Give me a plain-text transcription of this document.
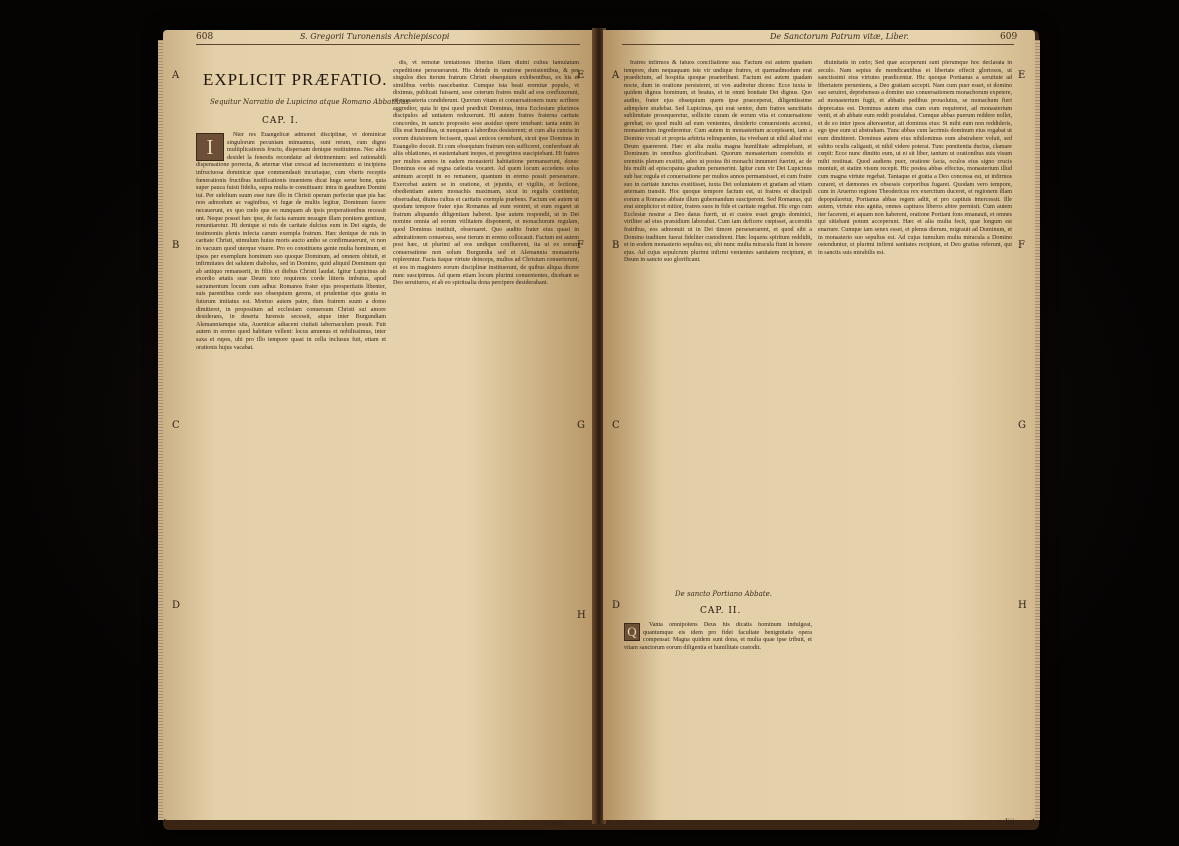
608	S. Gregorii Turonensis Archiepiscopi
A
B
C
D
E
F
G
H
EXPLICIT PRÆFATIO.
Sequitur Narratio de Lupicino atque Romano Abbatibus.
CAP. I.
I	Nter res Euangelicæ admonet disciplinæ, vt dominicæ singulorum pecuniam minuamus, sunt rerum, cum digno multiplicationis fructu, dispersam denique restituimus. Nec aliis desidet la fenestis recondatur ad detrimentum: sed rationabili dispensatione porrecta, & æternæ vitæ crescat ad incrementum: si incipiens infructuosa dominicæ quæ commendauit incuriaque, cum vberis receptis fœnerationis fructibus iustificationis inueniens dicat huge serue bone, quia super pauca fuisti fidelis, supra multa te constituam: intra in gaudium Domini tui. Per sidelium suum esse iure illo in Christi operam perfectæ quæ pia hac non admodum ac vaginibus, vt fugæ de multis legitur, Dominum facere necauerunt, ex quo cœlo que eo nunquam ab ipsis properationibus recessit unt. Neque posset hæc ipse, de facta eamum neaugm illam ponitem gentium, renuntiaretur. Hi denique si ruis de caritate dulcius eum in Dei signis, de testimoniis plenis infecta carum exempla fratrum. Hæc denique de ruis in caritate Christi, stimulum huius moris aucto ambo se confirmauerunt, vt non in vacuum quod uterque viuere. Pro eo constituens gente multa hominum, et ipsos per exemplum hominum suo quoque Dominum, ad omnem obtiuit, et infirmitates dei salutem diabolus, sed in Domino, quid aliquid Dominum qui ab antiquo remanserit, in filiis et diebus Christi laudat. Igitur Lupicinus ab exordio ætatis suæ Deum toto requirens corde litteris imbutus, apud sacramentum locum cum adhuc Romanos frater ejus prosperitatis libenter, suis parentibus corde suo obsequium gerens, et prudentiæ ejus gratia in futurum imitatus est. Mortuo autem patre, dum fratrem suum a domo dimitteret, in propositum ad ecclesiam conuersum Christi sui amore desiderans, in deserta Iurensis secessit, atque inter Burgundiam Alemanniamque sita, Auenticæ adiacent ciuitati tabernaculum posuit. Fuit autem in eremo quod habitare vellent: locus amœnus et nobilissimus, inter saxa et rupes, ubi pro illo tempore quasi in cella inclusus fuit, etiam et orationis hujus vacabat.

dis, vt remotæ tentationes liberius illam diuini cultus famulatum expeditione perseuerarent. His deinde in oratione persistentibus, & per singulos dies iterum fratrum Christi obsequium exhibentibus, ex his et similibus verbis nascebantur. Cumque ista beati eremitæ populo, vt diximus, publicati fuissent, sese ceterum fratres multi ad eos confluxerunt, et monasteria condiderunt. Quorum vitam et conuersationem nunc scribere aggredior, quia hi ipsi quod prædixit Dominus, intra Ecclesiam plurimos discipulos ad unitatem reduxerunt. Hi autem fratres fraterna caritate concordes, in sancto proposito sese assiduo opere tenebant: tanta enim in illis erat humilitas, ut nunquam a laboribus desisterent; et cum alia cuncta in eorum diuisionem fecissent, quasi amicos cernebant, sicut ipse Dominus in Euangelio docuit. Et cum obsequium fratrum non sufficeret, conferebant ab aliis oblationes, et sustentabant inopes, et peregrinos suscipiebant. Hi fratres per multos annos in eadem monasterii habitatione permanserunt, donec Dominus eos ad regna cælestia vocaret. Ad quem locum accedens solus animum accepit in eo remanere, quantum in eremo possit perseuerare. Exercebat autem se in oratione, et jejuniis, et vigiliis, et lectione, obedientiam autem monachis maximam, sicut in regulis continetur, obseruabat, diuina cultus et caritatis exempla præbens. Factum est autem ut quodam tempore frater ejus Romanus ad eum veniret, et eum rogaret ut fratrum aliquando diligentiam haberet. Ipse autem respondit, ut in Dei nomine omnia ad eorum vtilitatem disponeret, et monachorum regulam, quod Dominus instituit, obseruaret. Quo audito frater eius quasi in admirationem conuersus, sese iterum in eremo collocauit. Factum est autem post hæc, ut plurimi ad eos undique confluerent, ita ut ex eorum conuersatione non solum Burgundia sed et Alemannia monasteria replerentur. Facta itaque virtute deinceps, multos ad Christum conuerterunt, et eos in magistero eorum disciplinæ instituerunt, de quibus aliqua dicere nunc suscipimus. Ad quem etiam locum plurimi conuenientes, dicebant se Deo seruituros, et ab eo spiritualia dona percipere desiderabant.

fratri
De Sanctorum Patrum vitæ, Liber.	609
A
B
C
D
E
F
G
H

fratres infirmos & fatuos conciliatione sua. Factum est autem quadam tempore, dum nequaquam iste vir undique fratres, et quemadmodum erat praedictum, ad hospitia quoque praeteribant. Factum est autem quadam nocte, dum in oratione persisteret, ut vox audiretur dicens: Ecce iuxta te quidem dignus hominum, et beatus, et in omni bonitate Dei dignus. Quo audito, frater ejus obsequium quem ipse praeceperat, diligentissime adimplere studebat. Sed Lupicinus, qui erat senior, dum fratres sanctitatis sublimitate prosequeretur, sollicite curam de eorum vita et conuersatione gerebat; eo quod multi ad eum venientes, desiderio conuersionis accensi, monasterium ingrederentur. Cum autem in monasterium accepissent, iam a Domino vocati et propria arbitria relinquentes, ita vivebant ut nihil aliud nisi Deum quærerent. Hæc et alia multa magna humilitate adimplebant, et Dominum in omnibus glorificabant. Quorum monasterium coenobiis et eremitis plenum exstitit, adeo ut postea ibi monachi innumeri fuerint, ac de his multi ad episcopatus gradum peruenerint. Igitur cum vir Dei Lupicinus sub hac regula et conuersatione per multos annos permansisset, et cum fratre suo in caritate iunctus exstitisset, iuxta Dei uoluntatem et gratiam ad vitam æternam transiit. Hoc quoque tempore factum est, ut fratres et discipuli eorum a Romano abbate illum gubernandum susciperent. Sed Romanus, qui erat simplicior et mitior, fratres suos in fide et caritate regebat. Hic ergo cum Ecclesiæ nostræ a Deo datus fuerit, ut ei custos esset gregis dominici, viriliter ad eius præsidium laborabat. Cum iam deficere cœpisset, accersitis fratribus, eos admonuit ut in Dei timore perseuerarent, et quod sibi a Domino traditum fuerat fideliter custodirent. Hæc loquens spiritum reddidit, et in eodem monasterio sepultus est, ubi nunc multa miracula fiunt in honore ejus. Ad cujus sepulcrum plurimi infirmi venientes sanitatem recipiunt, et Deum in sancto suo glorificant.

De sancto Portiano Abbate.
CAP. II.
Q	Vanta omnipotens Deus his dicatis hominum indulgeat, quantumque eis idem pro fidei facultate benignitatis opera compensat: Magna quidem sunt dona, et multa quae ipse tribuit, et vitam sanctorum eorum diligentia et humilitate custodit.

diuinitatis in cœlo; Sed quæ acceperunt sunt plerumque hoc declarata in seculo. Nam sepius de mendicantibus et libertate effecit gloriosos, ut sanctissimi eius virtutes prædicentur. Hic quoque Portianus a seruitute ad libertatem perueniens, a Deo gratiam accepit. Nam cum puer esset, et domino suo seruiret, deprehensus a domino suo conuersationem monachorum expetere, ad monasterium fugit, et abbatis pedibus prouolutus, se monachum fieri deprecatus est. Dominus autem eius cum eum requireret, ad monasterium venit, et ab abbate eum reddi postulabat. Cumque abbas puerum reddere nollet, et de eo inter ipsos alterearetur, ait dominus eius: Si mihi eum non reddideris, ego ipse eum ui abstraham. Tunc abbas cum lacrimis dominum eius rogabat ut eum dimitteret. Dominus autem eius nihilominus eum abstrahere voluit, sed subito oculis caligauit, et nihil videre poterat. Tunc pœnitentia ductus, clamare cœpit: Ecce nunc dimitto eum, ut ei sit liber, tantum ut orationibus suis visum mihi restituat. Quod audiens puer, oratione facta, oculos eius signo crucis muniuit, et statim visum recepit. Hic postea abbas effectus, monasterium illud cum magna virtute regebat. Tantaque ei gratia a Deo concessa est, ut infirmos curaret, et dæmones ex obsessis corporibus fugaret. Quodam vero tempore, cum in Aruerno regione Theodericus rex exercitum duceret, et regionem illam depopularetur, Portianus abbas regem adiit, et pro captiuis intercessit. Ille autem, virtute eius agnita, omnes captiuos liberos abire permisit. Cum autem iter facerent, et aquam non haberent, oratione Portiani fons emanauit, et omnes qui sitiebant potum acceperunt. Hæc et alia multa fecit, quæ longum est enarrare. Cumque iam senex esset, et plenus dierum, migrauit ad Dominum, et in monasterio suo sepultus est. Ad cujus tumulum multa miracula a Domino ostenduntur, et plurimi infirmi sanitates recipiunt, et Deo gratias referunt, qui in sanctis suis mirabilis est.

Iiii
